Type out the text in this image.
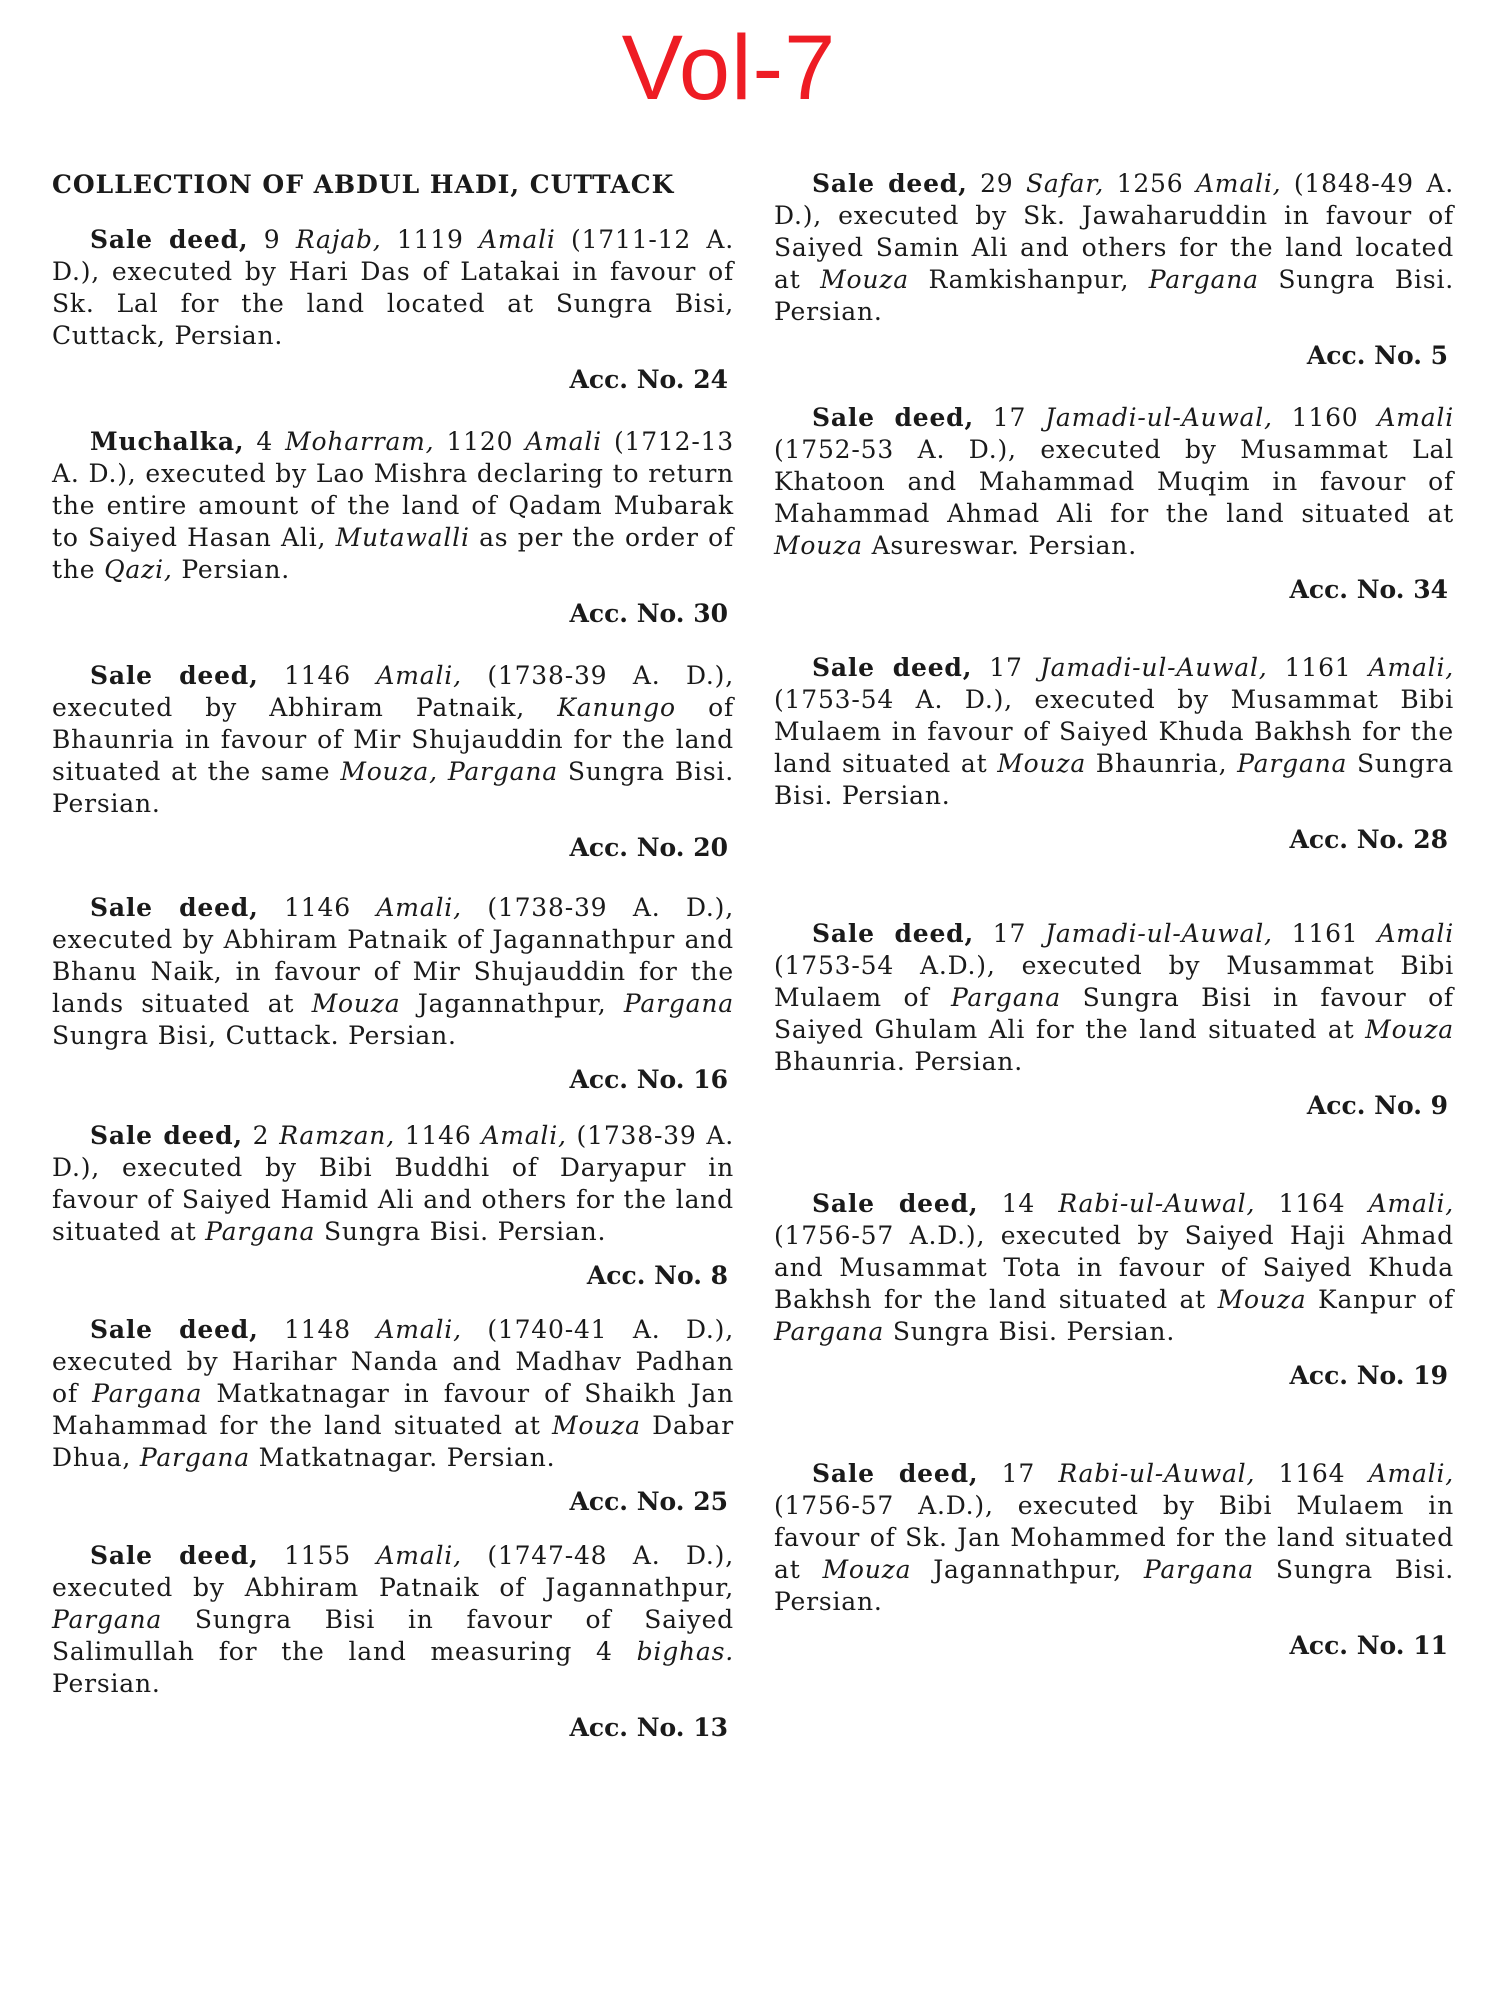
Vol-7
COLLECTION OF ABDUL HADI, CUTTACK

Sale deed, 9 Rajab, 1119 Amali (1711-12 A. D.), executed by Hari Das of Latakai in favour of Sk. Lal for the land located at Sungra Bisi, Cuttack, Persian.

Acc. No. 24

Muchalka, 4 Moharram, 1120 Amali (1712-13 A. D.), executed by Lao Mishra declaring to return the entire amount of the land of Qadam Mubarak to Saiyed Hasan Ali, Mutawalli as per the order of the Qazi, Persian.

Acc. No. 30

Sale deed, 1146 Amali, (1738-39 A. D.), executed by Abhiram Patnaik, Kanungo of Bhaunria in favour of Mir Shujauddin for the land situated at the same Mouza, Pargana Sungra Bisi. Persian.

Acc. No. 20

Sale deed, 1146 Amali, (1738-39 A. D.), executed by Abhiram Patnaik of Jagannathpur and Bhanu Naik, in favour of Mir Shujauddin for the lands situated at Mouza Jagannathpur, Pargana Sungra Bisi, Cuttack. Persian.

Acc. No. 16

Sale deed, 2 Ramzan, 1146 Amali, (1738-39 A. D.), executed by Bibi Buddhi of Daryapur in favour of Saiyed Hamid Ali and others for the land situated at Pargana Sungra Bisi. Persian.

Acc. No. 8

Sale deed, 1148 Amali, (1740-41 A. D.), executed by Harihar Nanda and Madhav Padhan of Pargana Matkatnagar in favour of Shaikh Jan Mahammad for the land situated at Mouza Dabar Dhua, Pargana Matkatnagar. Persian.

Acc. No. 25

Sale deed, 1155 Amali, (1747-48 A. D.), executed by Abhiram Patnaik of Jagannathpur, Pargana Sungra Bisi in favour of Saiyed Salimullah for the land measuring 4 bighas. Persian.

Acc. No. 13

Sale deed, 29 Safar, 1256 Amali, (1848-49 A. D.), executed by Sk. Jawaharuddin in favour of Saiyed Samin Ali and others for the land located at Mouza Ramkishanpur, Pargana Sungra Bisi. Persian.

Acc. No. 5

Sale deed, 17 Jamadi-ul-Auwal, 1160 Amali (1752-53 A. D.), executed by Musammat Lal Khatoon and Mahammad Muqim in favour of Mahammad Ahmad Ali for the land situated at Mouza Asureswar. Persian.

Acc. No. 34

Sale deed, 17 Jamadi-ul-Auwal, 1161 Amali, (1753-54 A. D.), executed by Musammat Bibi Mulaem in favour of Saiyed Khuda Bakhsh for the land situated at Mouza Bhaunria, Pargana Sungra Bisi. Persian.

Acc. No. 28

Sale deed, 17 Jamadi-ul-Auwal, 1161 Amali (1753-54 A.D.), executed by Musammat Bibi Mulaem of Pargana Sungra Bisi in favour of Saiyed Ghulam Ali for the land situated at Mouza Bhaunria. Persian.

Acc. No. 9

Sale deed, 14 Rabi-ul-Auwal, 1164 Amali, (1756-57 A.D.), executed by Saiyed Haji Ahmad and Musammat Tota in favour of Saiyed Khuda Bakhsh for the land situated at Mouza Kanpur of Pargana Sungra Bisi. Persian.

Acc. No. 19

Sale deed, 17 Rabi-ul-Auwal, 1164 Amali, (1756-57 A.D.), executed by Bibi Mulaem in favour of Sk. Jan Mohammed for the land situated at Mouza Jagannathpur, Pargana Sungra Bisi. Persian.

Acc. No. 11
